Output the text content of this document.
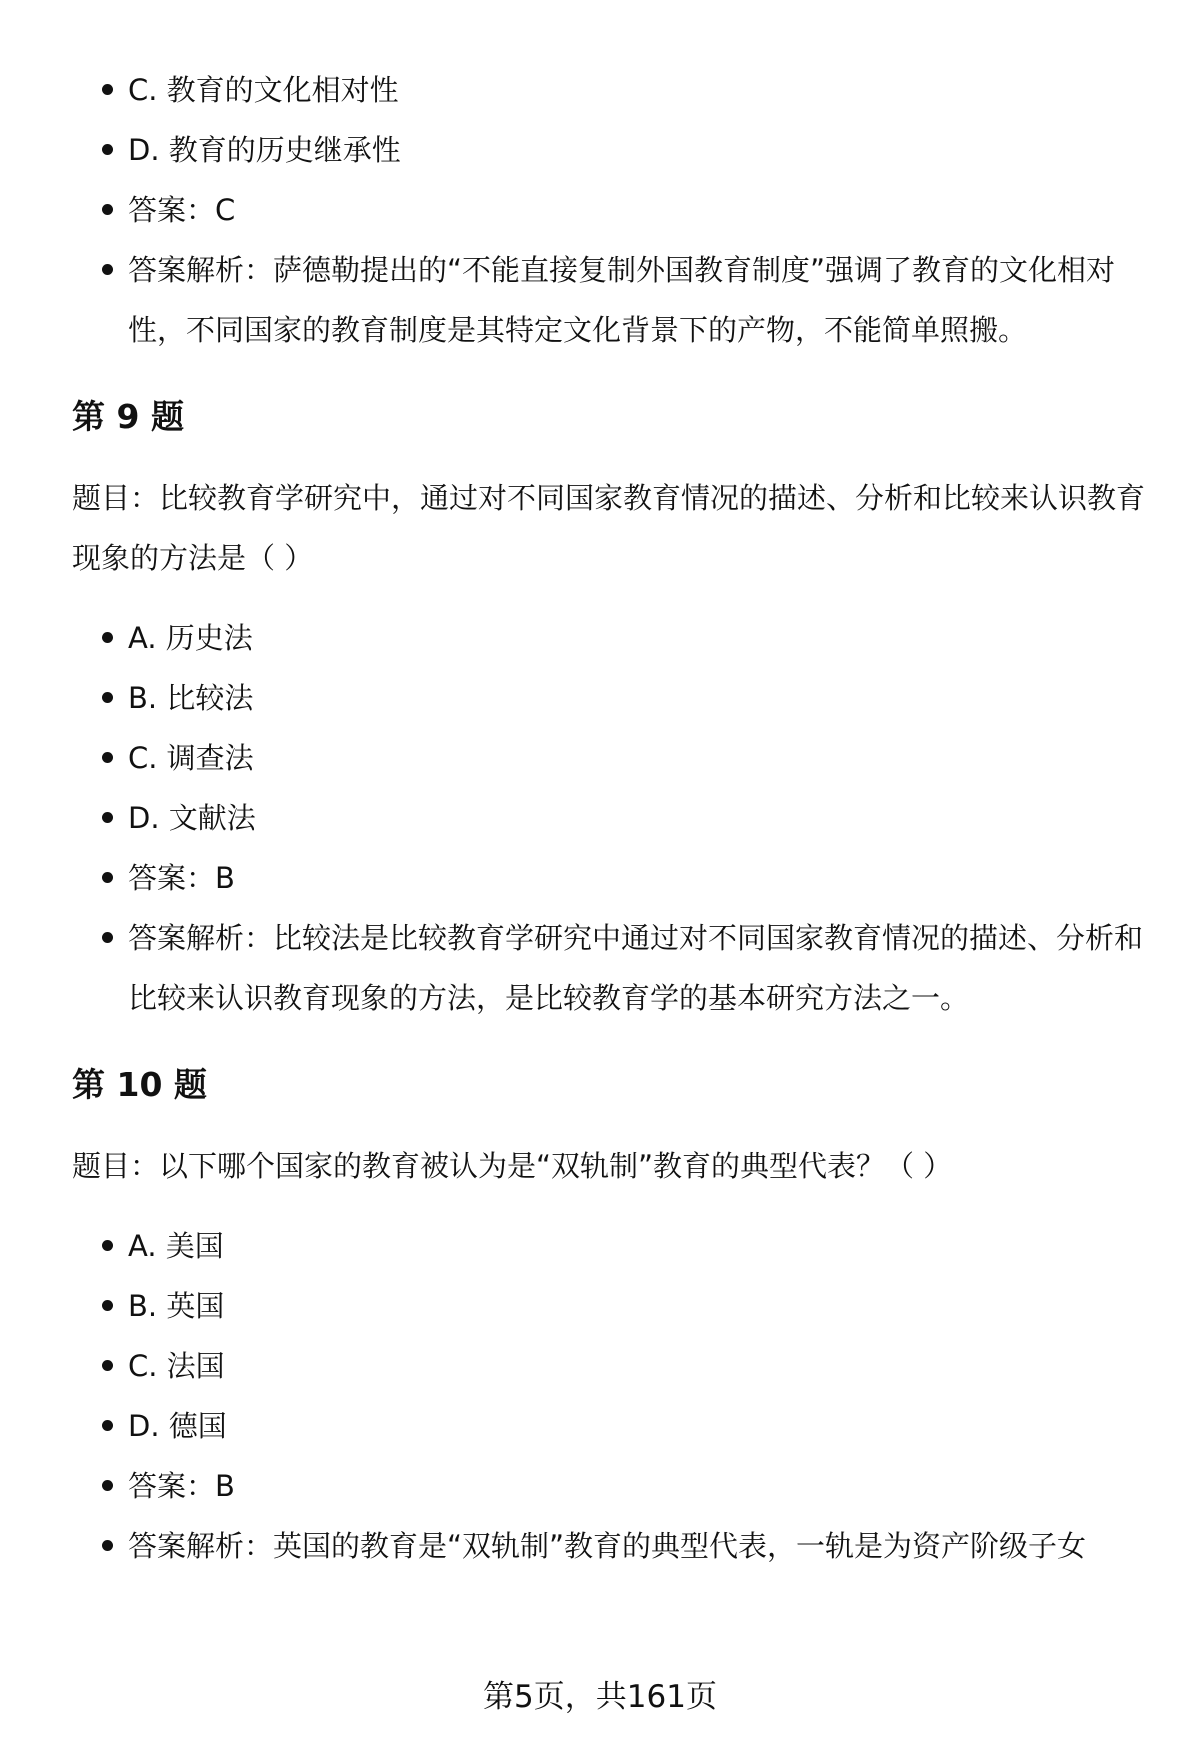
C. 教育的文化相对性
D. 教育的历史继承性
答案：C
答案解析：萨德勒提出的“不能直接复制外国教育制度”强调了教育的文化相对性，不同国家的教育制度是其特定文化背景下的产物，不能简单照搬。
第 9 题

题目：比较教育学研究中，通过对不同国家教育情况的描述、分析和比较来认识教育现象的方法是（ ）

A. 历史法
B. 比较法
C. 调查法
D. 文献法
答案：B
答案解析：比较法是比较教育学研究中通过对不同国家教育情况的描述、分析和比较来认识教育现象的方法，是比较教育学的基本研究方法之一。
第 10 题

题目：以下哪个国家的教育被认为是“双轨制”教育的典型代表？（ ）

A. 美国
B. 英国
C. 法国
D. 德国
答案：B
答案解析：英国的教育是“双轨制”教育的典型代表，一轨是为资产阶级子女
第5页，共161页
